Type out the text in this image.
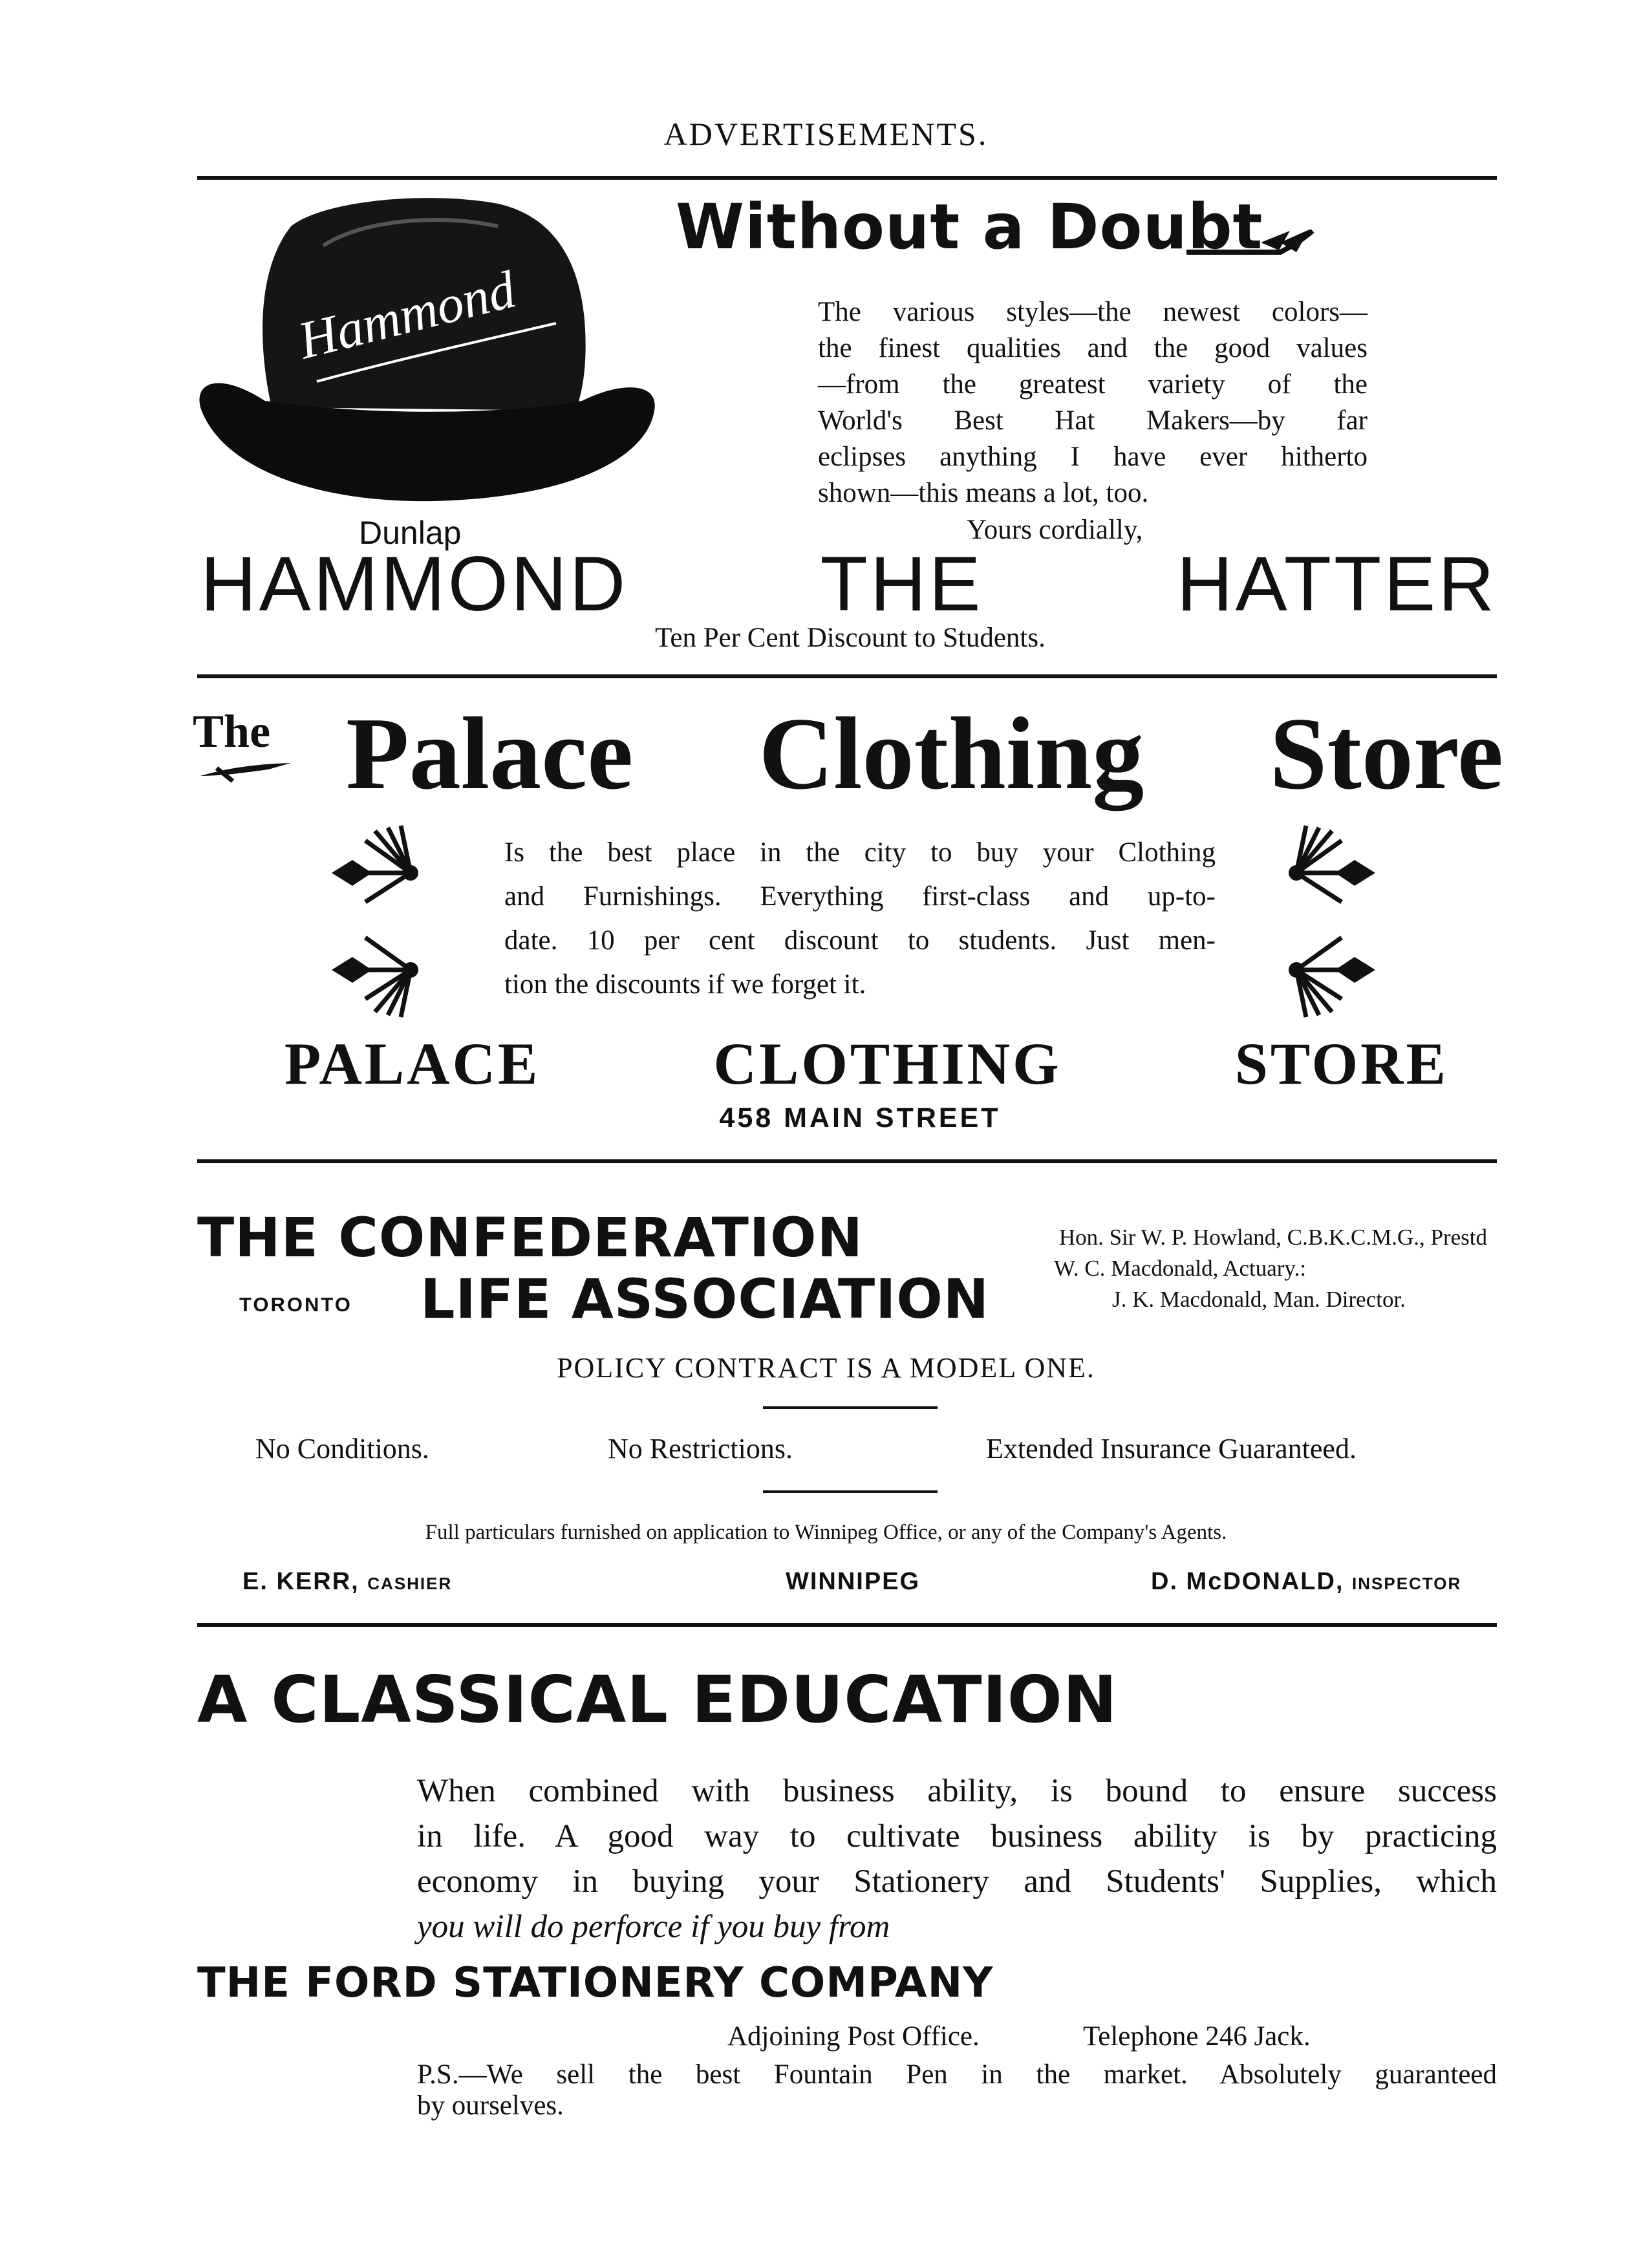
ADVERTISEMENTS.
Hammond
Dunlap
Without a Doubt
The various styles—the newest colors—
the finest qualities and the good values
—from the greatest variety of the
World's Best Hat Makers—by far
eclipses anything I have ever hitherto
shown—this means a lot, too.
Yours cordially,
HAMMOND THE HATTER
Ten Per Cent Discount to Students.
The Palace Clothing Store
Is the best place in the city to buy your Clothing
and Furnishings. Everything first-class and up-to-
date. 10 per cent discount to students. Just men-
tion the discounts if we forget it.
PALACE CLOTHING STORE
458 MAIN STREET
THE CONFEDERATION
TORONTO LIFE ASSOCIATION
Hon. Sir W. P. Howland, C.B.K.C.M.G., Prestd
W. C. Macdonald, Actuary.:
J. K. Macdonald, Man. Director.
POLICY CONTRACT IS A MODEL ONE.
No Conditions.	No Restrictions.	Extended Insurance Guaranteed.
Full particulars furnished on application to Winnipeg Office, or any of the Company's Agents.
E. KERR, CASHIER	WINNIPEG	D. McDONALD, INSPECTOR
A CLASSICAL EDUCATION
When combined with business ability, is bound to ensure success
in life. A good way to cultivate business ability is by practicing
economy in buying your Stationery and Students' Supplies, which
you will do perforce if you buy from
THE FORD STATIONERY COMPANY
Adjoining Post Office.	Telephone 246 Jack.
P.S.—We sell the best Fountain Pen in the market. Absolutely guaranteed
by ourselves.
